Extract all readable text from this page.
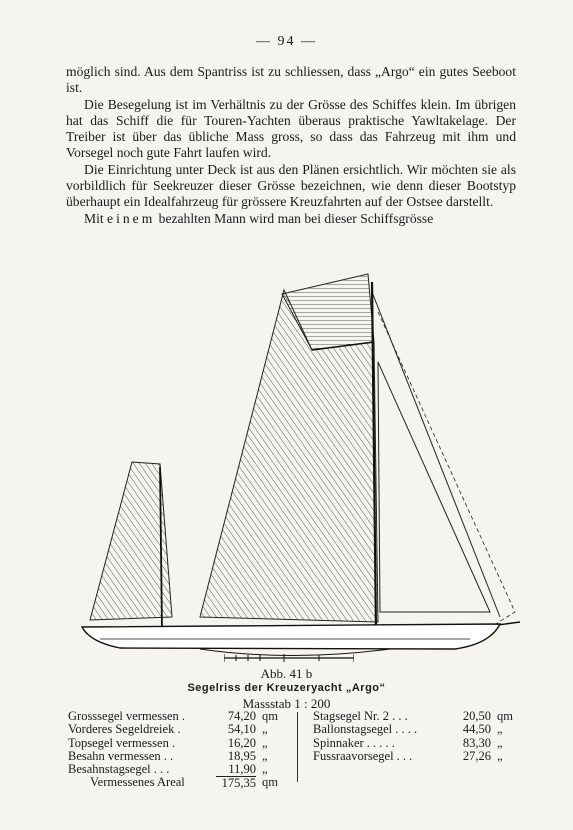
— 94 —

möglich sind. Aus dem Spantriss ist zu schliessen, dass „Argo“ ein gutes Seeboot ist.

Die Besegelung ist im Verhältnis zu der Grösse des Schiffes klein. Im übrigen hat das Schiff die für Touren-Yachten überaus praktische Yawltakelage. Der Treiber ist über das übliche Mass gross, so dass das Fahrzeug mit ihm und Vorsegel noch gute Fahrt laufen wird.

Die Einrichtung unter Deck ist aus den Plänen ersichtlich. Wir möchten sie als vorbildlich für Seekreuzer dieser Grösse bezeichnen, wie denn dieser Bootstyp überhaupt ein Idealfahrzeug für grössere Kreuzfahrten auf der Ostsee darstellt.

Mit einem bezahlten Mann wird man bei dieser Schiffsgrösse

Abb. 41 b
Segelriss der Kreuzeryacht „Argo“
Massstab 1 : 200
Grosssegel vermessen .	74,20 qm
Vorderes Segeldreiek .	54,10 „
Topsegel vermessen .	16,20 „
Besahn vermessen . .	18,95 „
Besahnstagsegel . . .	11,90 „
Vermessenes Areal	175,35 qm
Stagsegel Nr. 2 . . .	20,50 qm
Ballonstagsegel . . . .	44,50 „
Spinnaker . . . . .	83,30 „
Fussraavorsegel . . .	27,26 „
